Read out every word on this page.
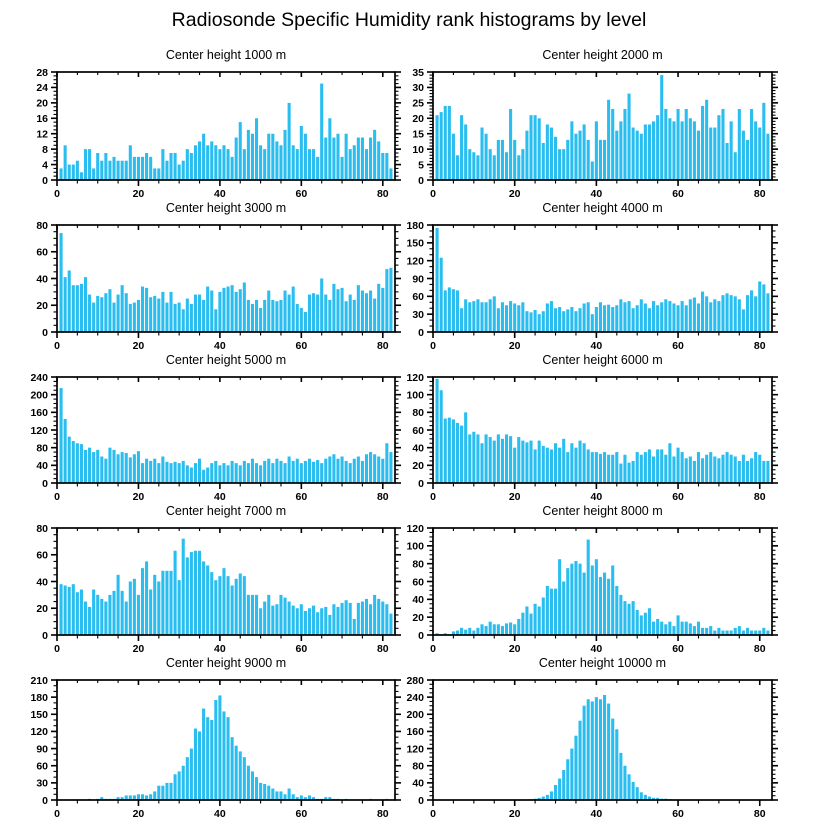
Radiosonde Specific Humidity rank histograms by level
Center height 1000 m
0
4
8
12
16
20
24
28
0	20	40	60	80
Center height 2000 m
0
5
10
15
20
25
30
35
0	20	40	60	80
Center height 3000 m
0
20
40
60
80
0	20	40	60	80
Center height 4000 m
0
30
60
90
120
150
180
0	20	40	60	80
Center height 5000 m
0
40
80
120
160
200
240
0	20	40	60	80
Center height 6000 m
0
20
40
60
80
100
120
0	20	40	60	80
Center height 7000 m
0
20
40
60
80
0	20	40	60	80
Center height 8000 m
0
20
40
60
80
100
120
0	20	40	60	80
Center height 9000 m
0
30
60
90
120
150
180
210
0	20	40	60	80
Center height 10000 m
0
40
80
120
160
200
240
280
0	20	40	60	80
